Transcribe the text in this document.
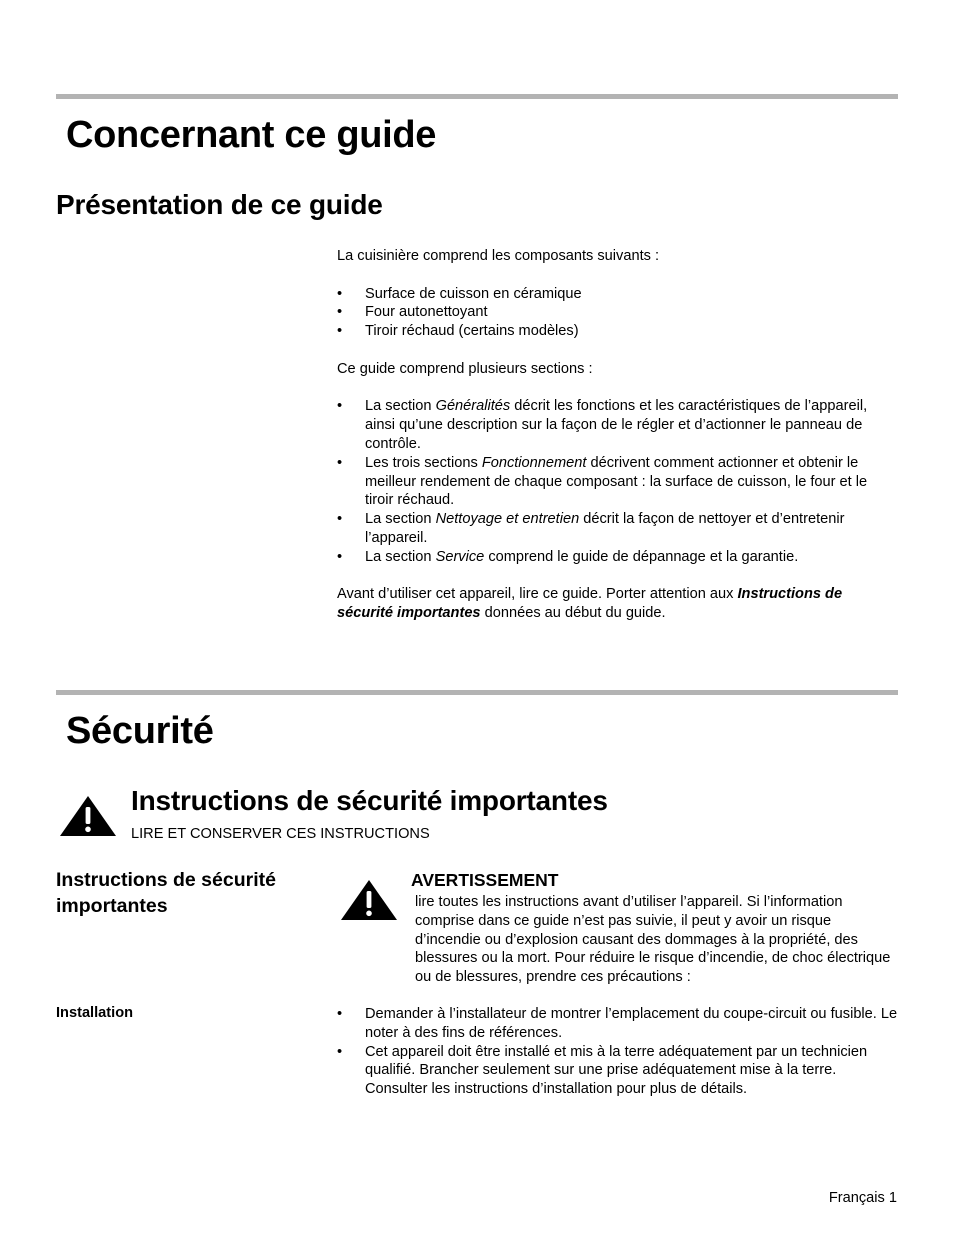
Concernant ce guide
Présentation de ce guide

La cuisinière comprend les composants suivants :

• Surface de cuisson en céramique
• Four autonettoyant
• Tiroir réchaud (certains modèles)

Ce guide comprend plusieurs sections :

• La section Généralités décrit les fonctions et les caractéristiques de l’appareil, ainsi qu’une description sur la façon de le régler et d’actionner le panneau de contrôle.
• Les trois sections Fonctionnement décrivent comment actionner et obtenir le meilleur rendement de chaque composant : la surface de cuisson, le four et le tiroir réchaud.
• La section Nettoyage et entretien décrit la façon de nettoyer et d’entretenir l’appareil.
• La section Service comprend le guide de dépannage et la garantie.

Avant d’utiliser cet appareil, lire ce guide. Porter attention aux Instructions de sécurité importantes données au début du guide.

Sécurité
Instructions de sécurité importantes
LIRE ET CONSERVER CES INSTRUCTIONS
Instructions de sécurité importantes
AVERTISSEMENT
lire toutes les instructions avant d’utiliser l’appareil. Si l’information comprise dans ce guide n’est pas suivie, il peut y avoir un risque d’incendie ou d’explosion causant des dommages à la propriété, des blessures ou la mort. Pour réduire le risque d’incendie, de choc électrique ou de blessures, prendre ces précautions :
Installation	• Demander à l’installateur de montrer l’emplacement du coupe-circuit ou fusible. Le noter à des fins de références.
• Cet appareil doit être installé et mis à la terre adéquatement par un technicien qualifié. Brancher seulement sur une prise adéquatement mise à la terre. Consulter les instructions d’installation pour plus de détails.
Français 1
